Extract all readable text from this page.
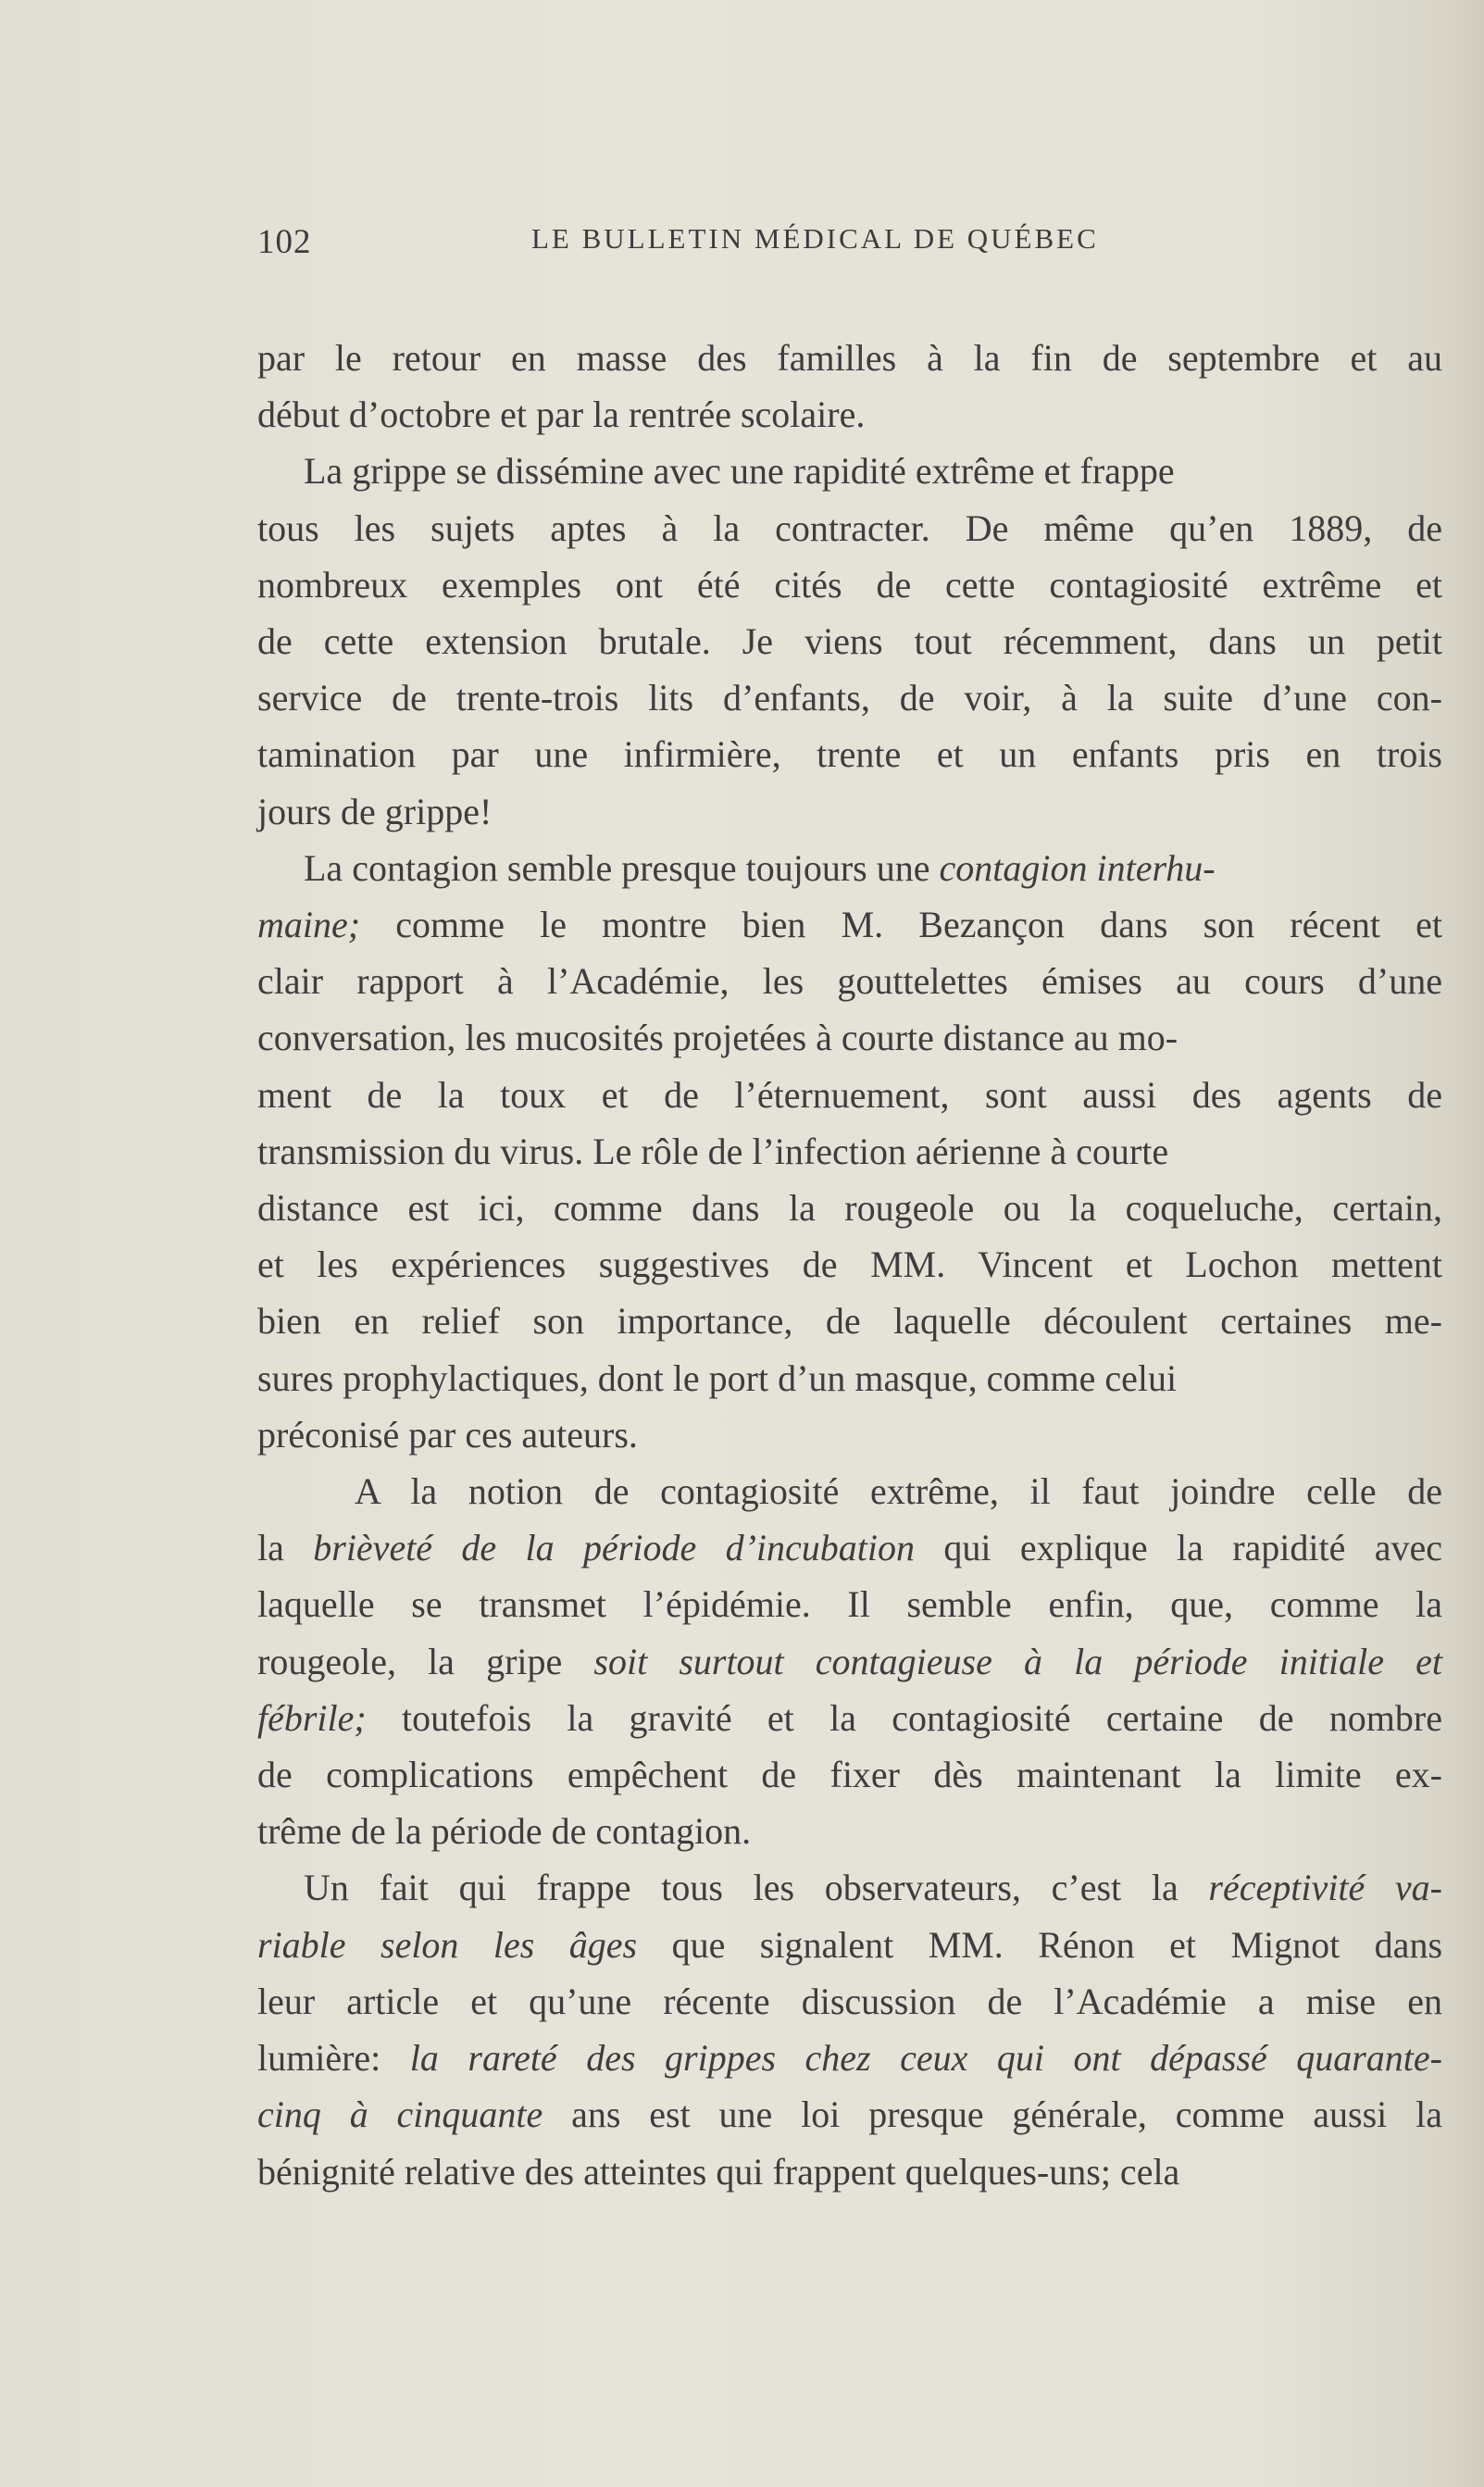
102	LE BULLETIN MÉDICAL DE QUÉBEC
par le retour en masse des familles à la fin de septembre et au
début d’octobre et par la rentrée scolaire.
La grippe se dissémine avec une rapidité extrême et frappe
tous les sujets aptes à la contracter. De même qu’en 1889, de
nombreux exemples ont été cités de cette contagiosité extrême et
de cette extension brutale. Je viens tout récemment, dans un petit
service de trente-trois lits d’enfants, de voir, à la suite d’une con-
tamination par une infirmière, trente et un enfants pris en trois
jours de grippe!
La contagion semble presque toujours une contagion interhu-
maine; comme le montre bien M. Bezançon dans son récent et
clair rapport à l’Académie, les gouttelettes émises au cours d’une
conversation, les mucosités projetées à courte distance au mo-
ment de la toux et de l’éternuement, sont aussi des agents de
transmission du virus. Le rôle de l’infection aérienne à courte
distance est ici, comme dans la rougeole ou la coqueluche, certain,
et les expériences suggestives de MM. Vincent et Lochon mettent
bien en relief son importance, de laquelle découlent certaines me-
sures prophylactiques, dont le port d’un masque, comme celui
préconisé par ces auteurs.
A la notion de contagiosité extrême, il faut joindre celle de
la brièveté de la période d’incubation qui explique la rapidité avec
laquelle se transmet l’épidémie. Il semble enfin, que, comme la
rougeole, la gripe soit surtout contagieuse à la période initiale et
fébrile; toutefois la gravité et la contagiosité certaine de nombre
de complications empêchent de fixer dès maintenant la limite ex-
trême de la période de contagion.
Un fait qui frappe tous les observateurs, c’est la réceptivité va-
riable selon les âges que signalent MM. Rénon et Mignot dans
leur article et qu’une récente discussion de l’Académie a mise en
lumière: la rareté des grippes chez ceux qui ont dépassé quarante-
cinq à cinquante ans est une loi presque générale, comme aussi la
bénignité relative des atteintes qui frappent quelques-uns; cela
